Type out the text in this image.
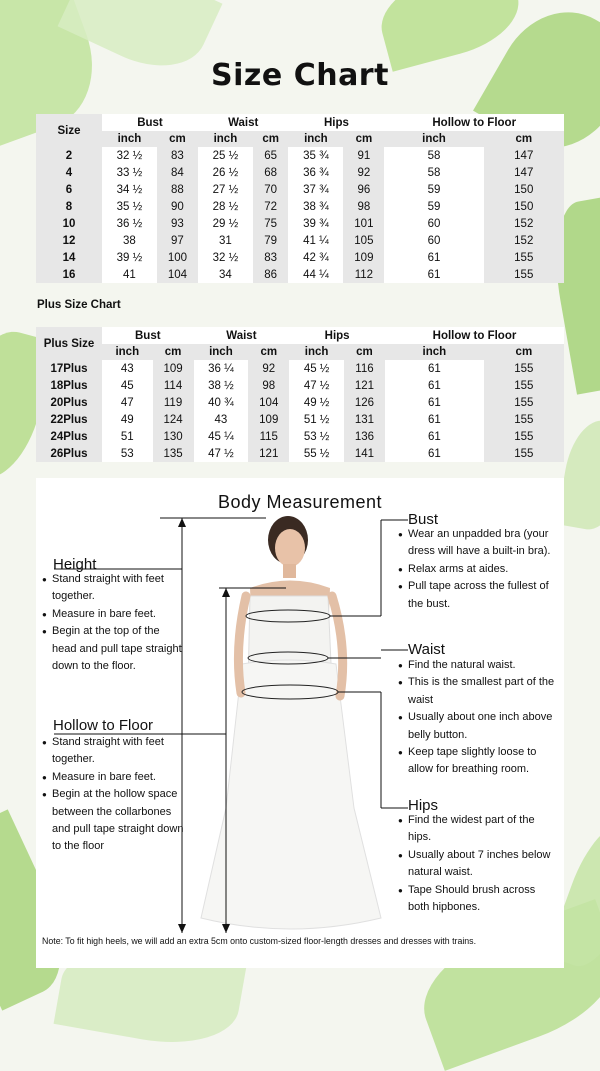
Size Chart
Size	Bust		Waist		Hips		Hollow to Floor	
	inch	cm	inch	cm	inch	cm	inch	cm
2	32 ½	83	25 ½	65	35 ¾	91	58	147
4	33 ½	84	26 ½	68	36 ¾	92	58	147
6	34 ½	88	27 ½	70	37 ¾	96	59	150
8	35 ½	90	28 ½	72	38 ¾	98	59	150
10	36 ½	93	29 ½	75	39 ¾	101	60	152
12	38	97	31	79	41 ¼	105	60	152
14	39 ½	100	32 ½	83	42 ¾	109	61	155
16	41	104	34	86	44 ¼	112	61	155
Plus Size Chart
Plus Size	Bust		Waist		Hips		Hollow to Floor	
	inch	cm	inch	cm	inch	cm	inch	cm
17Plus	43	109	36 ¼	92	45 ½	116	61	155
18Plus	45	114	38 ½	98	47 ½	121	61	155
20Plus	47	119	40 ¾	104	49 ½	126	61	155
22Plus	49	124	43	109	51 ½	131	61	155
24Plus	51	130	45 ¼	115	53 ½	136	61	155
26Plus	53	135	47 ½	121	55 ½	141	61	155
Body Measurement
Height
● Stand straight with feet together.
● Measure in bare feet.
● Begin at the top of the head and pull tape straight down to the floor.
Hollow to Floor
● Stand straight with feet together.
● Measure in bare feet.
● Begin at the hollow space between the collarbones and pull tape straight down to the floor
Bust
● Wear an unpadded bra (your dress will have a built-in bra).
● Relax arms at aides.
● Pull tape across the fullest of the bust.
Waist
● Find the natural waist.
● This is the smallest part of the waist
● Usually about one inch above belly button.
● Keep tape slightly loose to allow for breathing room.
Hips
● Find the widest part of the hips.
● Usually about 7 inches below natural waist.
● Tape Should brush across both hipbones.
Note: To fit high heels, we will add an extra 5cm onto custom-sized floor-length dresses and dresses with trains.
